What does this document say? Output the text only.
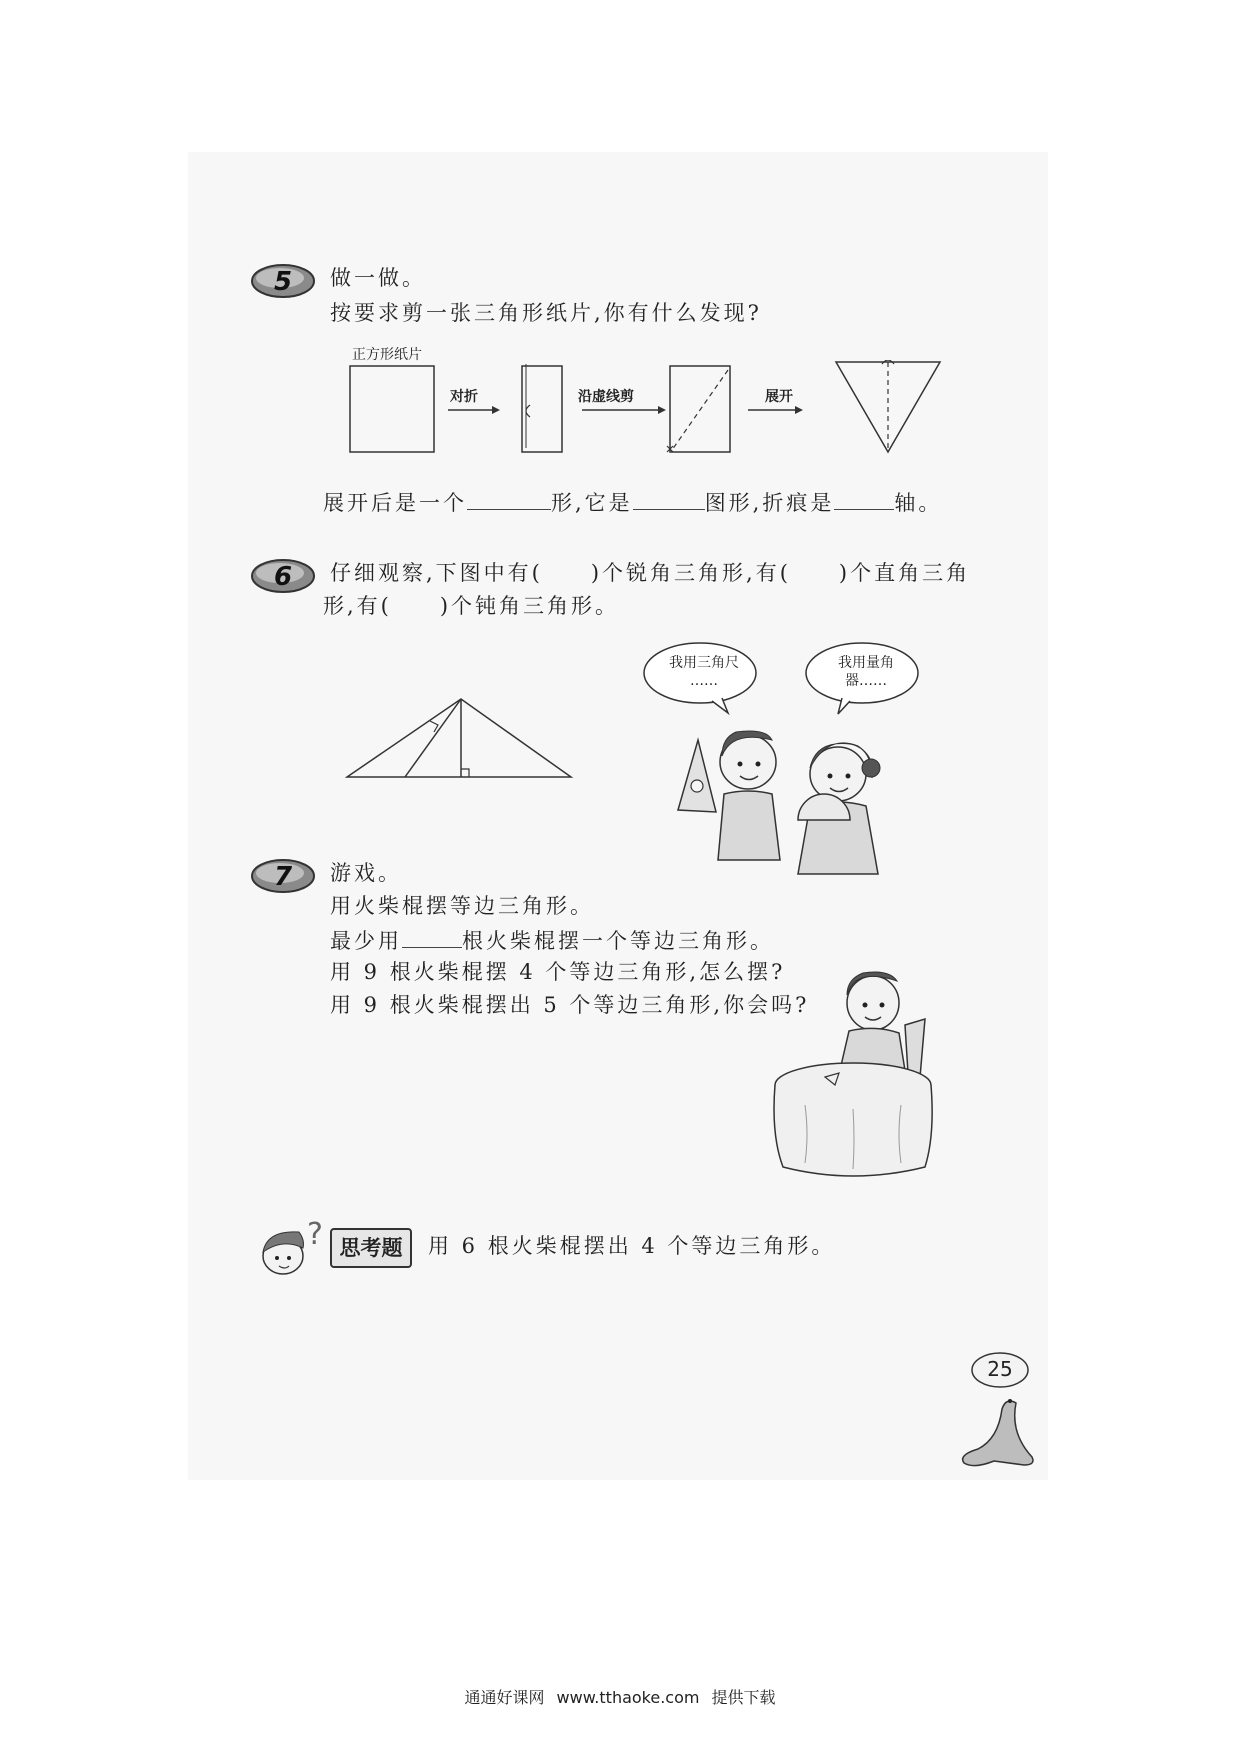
5 做一做。
按要求剪一张三角形纸片,你有什么发现?
正方形纸片
对折	沿虚线剪	展开
展开后是一个	形,它是	图形,折痕是	轴。
6 仔细观察,下图中有(  )个锐角三角形,有(  )个直角三角
形,有(  )个钝角三角形。
我用三角尺
……
我用量角
器……
7 游戏。
用火柴棍摆等边三角形。
最少用	根火柴棍摆一个等边三角形。
用 9 根火柴棍摆 4 个等边三角形,怎么摆?
用 9 根火柴棍摆出 5 个等边三角形,你会吗?
? 思考题	用 6 根火柴棍摆出 4 个等边三角形。
25
通通好课网 www.tthaoke.com 提供下载
